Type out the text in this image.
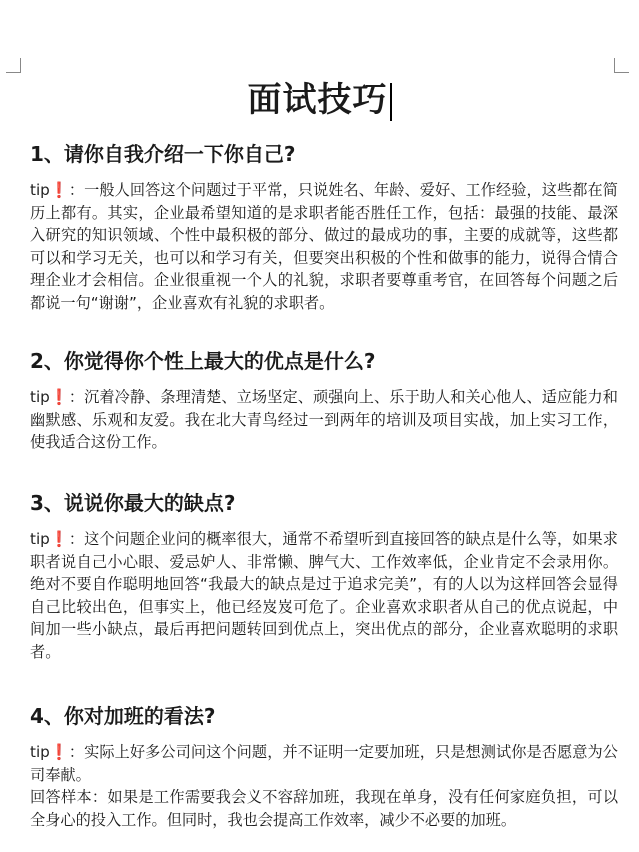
面试技巧
1、请你自我介绍一下你自己?

tip❗：一般人回答这个问题过于平常，只说姓名、年龄、爱好、工作经验，这些都在简历上都有。其实，企业最希望知道的是求职者能否胜任工作，包括：最强的技能、最深入研究的知识领域、个性中最积极的部分、做过的最成功的事，主要的成就等，这些都可以和学习无关，也可以和学习有关，但要突出积极的个性和做事的能力，说得合情合理企业才会相信。企业很重视一个人的礼貌，求职者要尊重考官，在回答每个问题之后都说一句“谢谢”，企业喜欢有礼貌的求职者。

2、你觉得你个性上最大的优点是什么?

tip❗：沉着冷静、条理清楚、立场坚定、顽强向上、乐于助人和关心他人、适应能力和幽默感、乐观和友爱。我在北大青鸟经过一到两年的培训及项目实战，加上实习工作，使我适合这份工作。

3、说说你最大的缺点?

tip❗：这个问题企业问的概率很大，通常不希望听到直接回答的缺点是什么等，如果求职者说自己小心眼、爱忌妒人、非常懒、脾气大、工作效率低，企业肯定不会录用你。绝对不要自作聪明地回答“我最大的缺点是过于追求完美”，有的人以为这样回答会显得自己比较出色，但事实上，他已经岌岌可危了。企业喜欢求职者从自己的优点说起，中间加一些小缺点，最后再把问题转回到优点上，突出优点的部分，企业喜欢聪明的求职者。

4、你对加班的看法?

tip❗：实际上好多公司问这个问题，并不证明一定要加班，只是想测试你是否愿意为公司奉献。

回答样本：如果是工作需要我会义不容辞加班，我现在单身，没有任何家庭负担，可以全身心的投入工作。但同时，我也会提高工作效率，减少不必要的加班。
